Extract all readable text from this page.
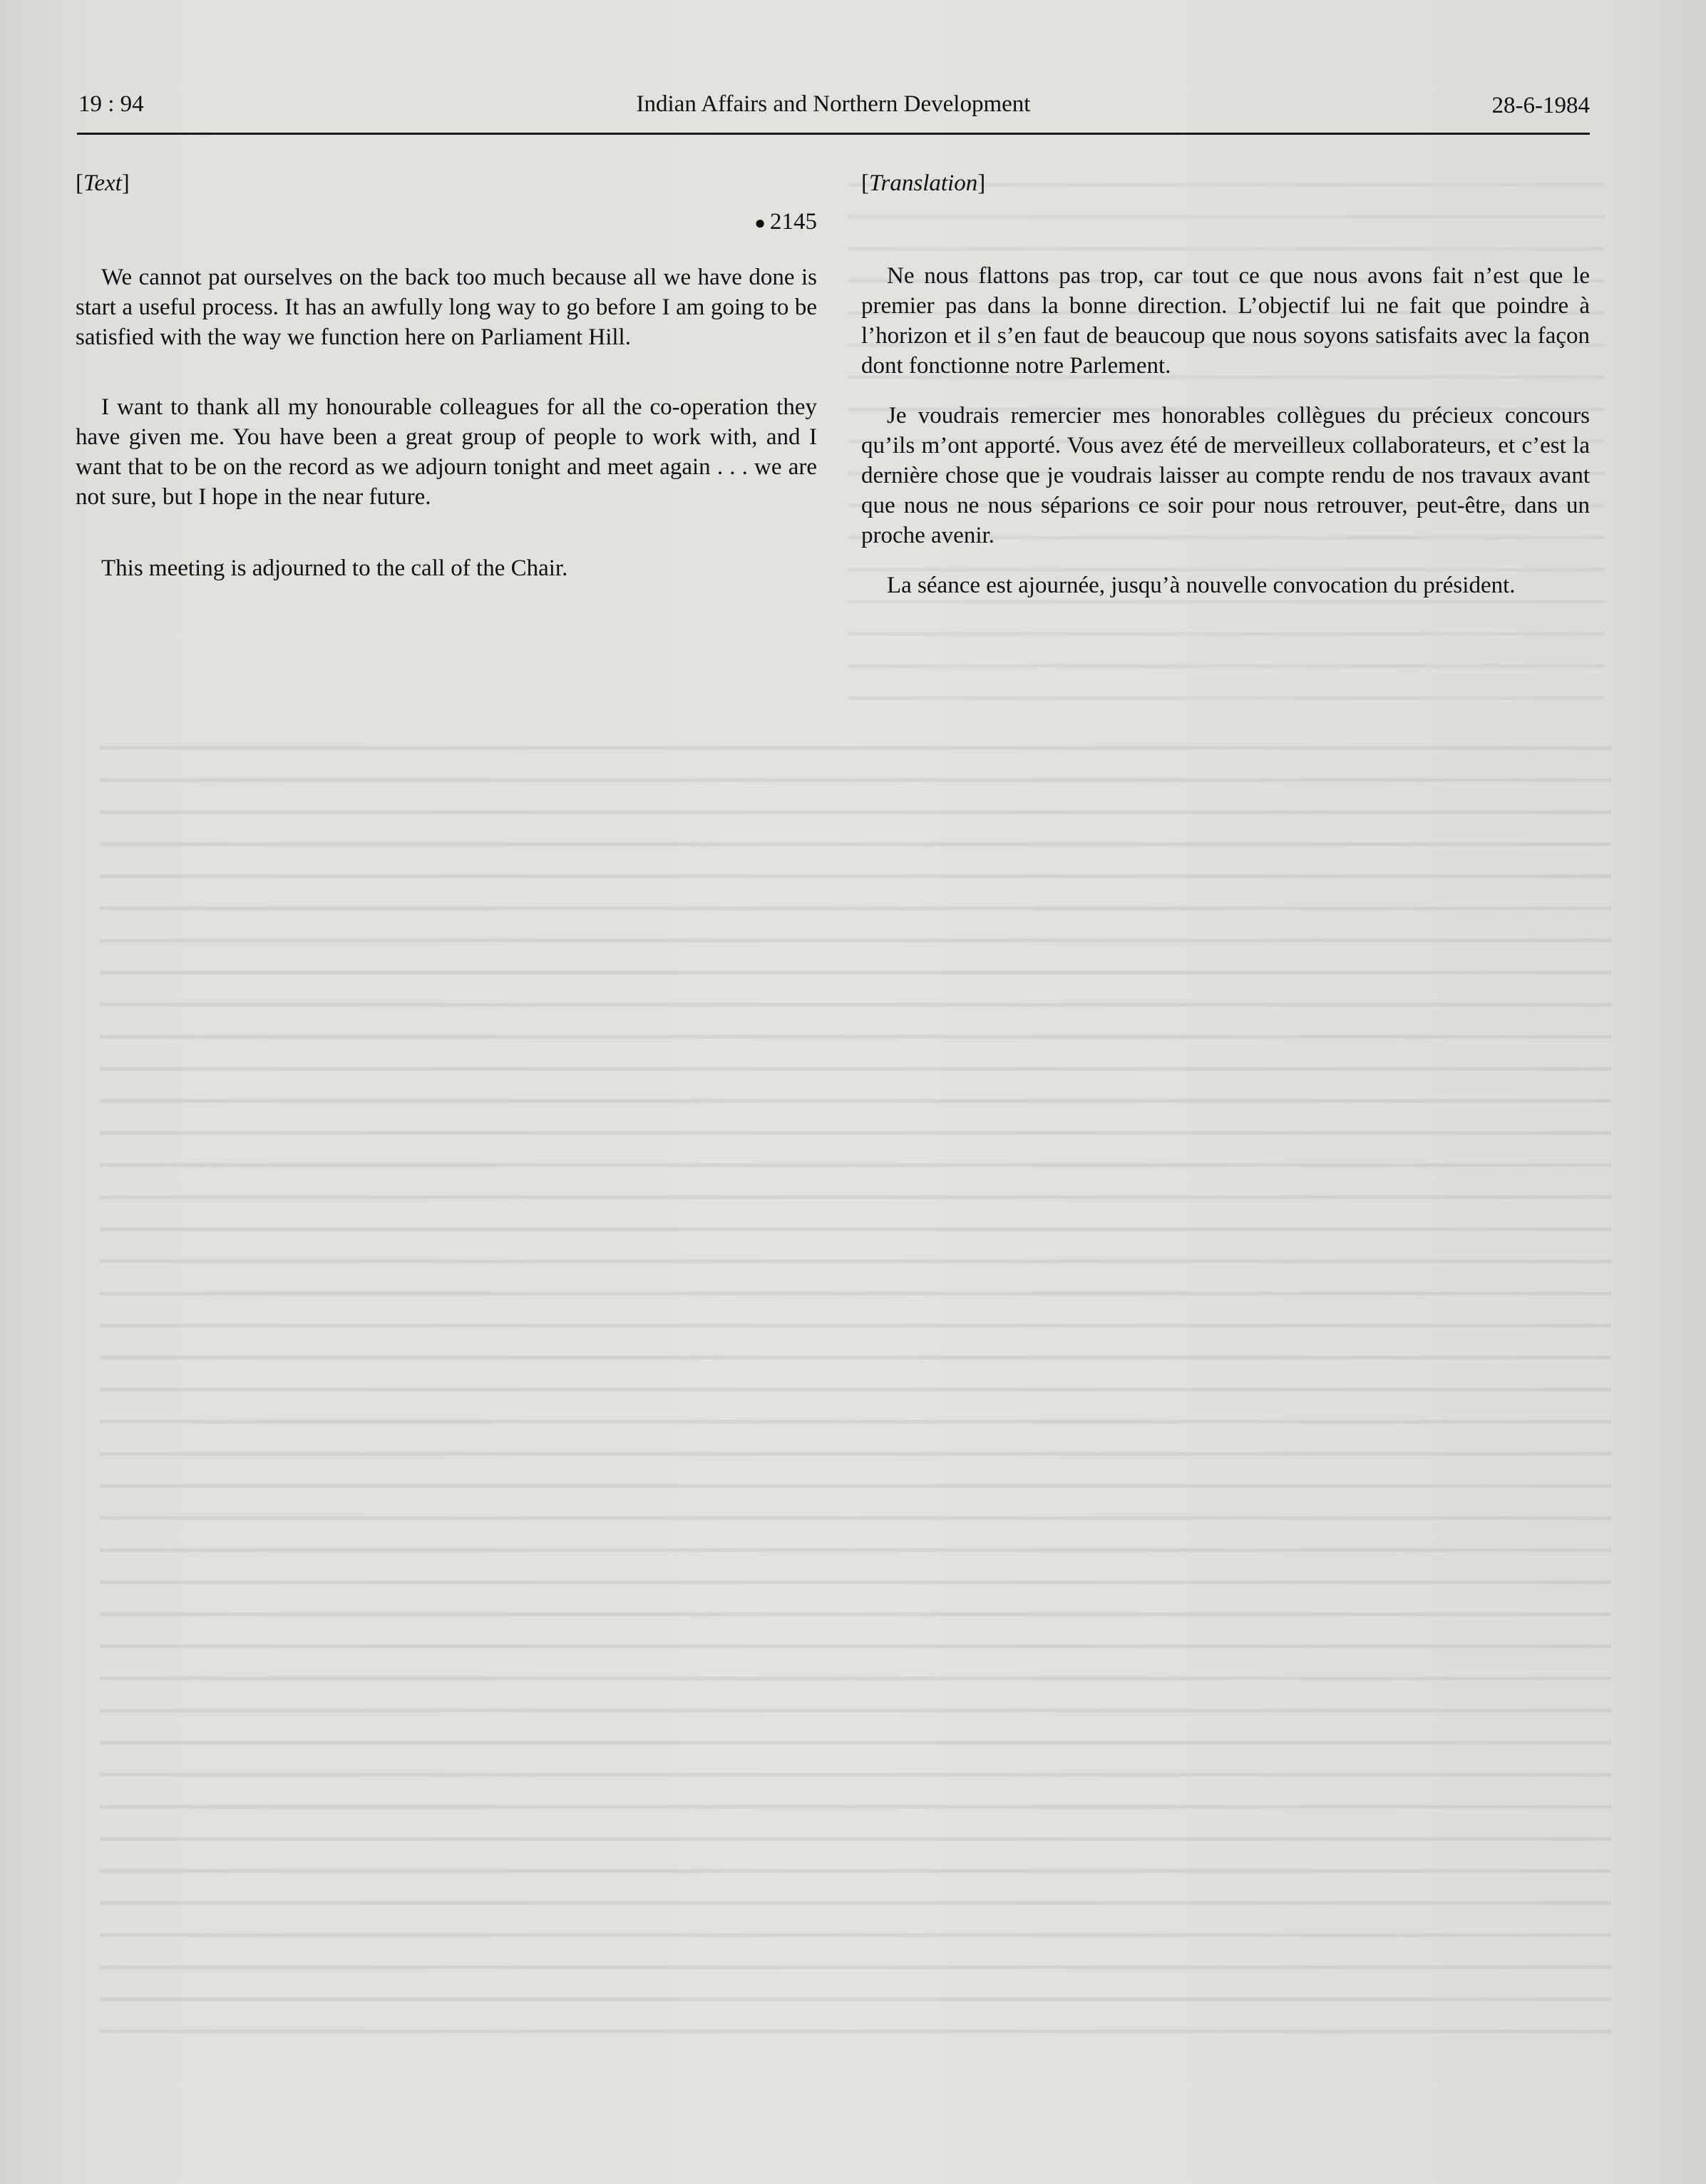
19 : 94	Indian Affairs and Northern Development	28-6-1984

[Text]

● 2145

We cannot pat ourselves on the back too much because all we have done is start a useful process. It has an awfully long way to go before I am going to be satisfied with the way we function here on Parliament Hill.

I want to thank all my honourable colleagues for all the co-operation they have given me. You have been a great group of people to work with, and I want that to be on the record as we adjourn tonight and meet again . . . we are not sure, but I hope in the near future.

This meeting is adjourned to the call of the Chair.

[Translation]

Ne nous flattons pas trop, car tout ce que nous avons fait n’est que le premier pas dans la bonne direction. L’objectif lui ne fait que poindre à l’horizon et il s’en faut de beaucoup que nous soyons satisfaits avec la façon dont fonctionne notre Parlement.

Je voudrais remercier mes honorables collègues du précieux concours qu’ils m’ont apporté. Vous avez été de merveilleux collaborateurs, et c’est la dernière chose que je voudrais laisser au compte rendu de nos travaux avant que nous ne nous séparions ce soir pour nous retrouver, peut-être, dans un proche avenir.

La séance est ajournée, jusqu’à nouvelle convocation du président.
